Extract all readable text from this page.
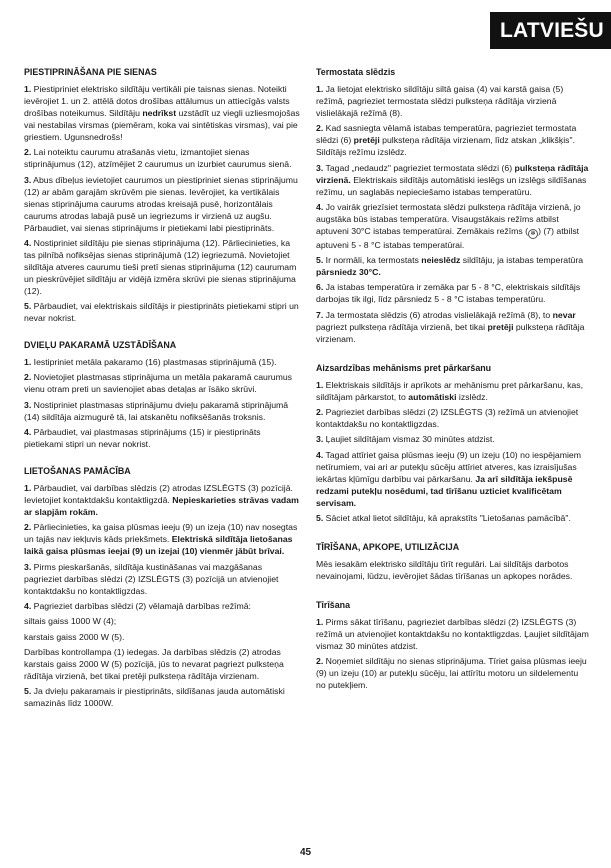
LATVIEŠU
PIESTIPRINĀŠANA PIE SIENAS

1. Piestipriniet elektrisko sildītāju vertikāli pie taisnas sienas. Noteikti ievērojiet 1. un 2. attēlā dotos drošības attālumus un attiecīgās valsts drošības noteikumus. Sildītāju nedrīkst uzstādīt uz viegli uzliesmojošas vai nestabilas virsmas (piemēram, koka vai sintētiskas virsmas), vai pie griestiem. Ugunsnedrošs!

2. Lai noteiktu caurumu atrašanās vietu, izmantojiet sienas stiprinājumus (12), atzīmējiet 2 caurumus un izurbiet caurumus sienā.

3. Abus dībeļus ievietojiet caurumos un piestipriniet sienas stiprinājumu (12) ar abām garajām skrūvēm pie sienas. Ievērojiet, ka vertikālais sienas stiprinājuma caurums atrodas kreisajā pusē, horizontālais caurums atrodas labajā pusē un iegriezums ir virzienā uz augšu. Pārbaudiet, vai sienas stiprinājums ir pietiekami labi piestiprināts.

4. Nostipriniet sildītāju pie sienas stiprinājuma (12). Pārliecinieties, ka tas pilnībā nofiksējas sienas stiprinājumā (12) iegriezumā. Novietojiet sildītāja atveres caurumu tieši pretī sienas stiprinājuma (12) caurumam un pieskrūvējiet sildītāju ar vidējā izmēra skrūvi pie sienas stiprinājuma (12).

5. Pārbaudiet, vai elektriskais sildītājs ir piestiprināts pietiekami stipri un nevar nokrist.

DVIEĻU PAKARAMĀ UZSTĀDĪŠANA

1. Iestipriniet metāla pakaramo (16) plastmasas stiprinājumā (15).

2. Novietojiet plastmasas stiprinājuma un metāla pakaramā caurumus vienu otram preti un savienojiet abas detaļas ar īsāko skrūvi.

3. Nostipriniet plastmasas stiprinājumu dvieļu pakaramā stiprinājumā (14) sildītāja aizmugurē tā, lai atskanētu nofiksēšanās troksnis.

4. Pārbaudiet, vai plastmasas stiprinājums (15) ir piestiprināts pietiekami stipri un nevar nokrist.

LIETOŠANAS PAMĀCĪBA

1. Pārbaudiet, vai darbības slēdzis (2) atrodas IZSLĒGTS (3) pozīcijā. Ievietojiet kontaktdakšu kontaktligzdā. Nepieskarieties strāvas vadam ar slapjām rokām.

2. Pārliecinieties, ka gaisa plūsmas ieeju (9) un izeja (10) nav nosegtas un tajās nav iekļuvis kāds priekšmets. Elektriskā sildītāja lietošanas laikā gaisa plūsmas ieejai (9) un izejai (10) vienmēr jābūt brīvai.

3. Pirms pieskaršanās, sildītāja kustināšanas vai mazgāšanas pagrieziet darbības slēdzi (2) IZSLĒGTS (3) pozīcijā un atvienojiet kontaktdakšu no kontaktligzdas.

4. Pagrieziet darbības slēdzi (2) vēlamajā darbības režīmā:

siltais gaiss 1000 W (4);

karstais gaiss 2000 W (5).

Darbības kontrollampa (1) iedegas. Ja darbības slēdzis (2) atrodas karstais gaiss 2000 W (5) pozīcijā, jūs to nevarat pagriezt pulksteņa rādītāja virzienā, bet tikai pretēji pulksteņa rādītāja virzienam.

5. Ja dvieļu pakaramais ir piestiprināts, sildīšanas jauda automātiski samazinās līdz 1000W.

Termostata slēdzis

1. Ja lietojat elektrisko sildītāju siltā gaisa (4) vai karstā gaisa (5) režīmā, pagrieziet termostata slēdzi pulksteņa rādītāja virzienā vislielākajā režīmā (8).

2. Kad sasniegta vēlamā istabas temperatūra, pagrieziet termostata slēdzi (6) pretēji pulksteņa rādītāja virzienam, līdz atskan „klikšķis". Sildītājs režīmu izslēdz.

3. Tagad „nedaudz" pagrieziet termostata slēdzi (6) pulksteņa rādītāja virzienā. Elektriskais sildītājs automātiski ieslēgs un izslēgs sildīšanas režīmu, un saglabās nepieciešamo istabas temperatūru.

4. Jo vairāk griezīsiet termostata slēdzi pulksteņa rādītāja virzienā, jo augstāka būs istabas temperatūra. Visaugstākais režīms atbilst aptuveni 30°C istabas temperatūrai. Zemākais režīms ( ✻ ) (7) atbilst aptuveni 5 - 8 °C istabas temperatūrai.

5. Ir normāli, ka termostats neieslēdz sildītāju, ja istabas temperatūra pārsniedz 30°C.

6. Ja istabas temperatūra ir zemāka par 5 - 8 °C, elektriskais sildītājs darbojas tik ilgi, līdz pārsniedz 5 - 8 °C istabas temperatūru.

7. Ja termostata slēdzis (6) atrodas vislielākajā režīmā (8), to nevar pagriezt pulksteņa rādītāja virzienā, bet tikai pretēji pulksteņa rādītāja virzienam.

Aizsardzības mehānisms pret pārkaršanu

1. Elektriskais sildītājs ir aprīkots ar mehānismu pret pārkaršanu, kas, sildītājam pārkarstot, to automātiski izslēdz.

2. Pagrieziet darbības slēdzi (2) IZSLĒGTS (3) režīmā un atvienojiet kontaktdakšu no kontaktligzdas.

3. Ļaujiet sildītājam vismaz 30 minūtes atdzist.

4. Tagad attīriet gaisa plūsmas ieeju (9) un izeju (10) no iespējamiem netīrumiem, vai ari ar putekļu sūcēju attīriet atveres, kas izraisījušas iekārtas kļūmīgu darbību vai pārkaršanu. Ja arī sildītāja iekšpusē redzami putekļu nosēdumi, tad tīrīšanu uzticiet kvalificētam servisam.

5. Sāciet atkal lietot sildītāju, kā aprakstīts "Lietošanas pamācībā".

TĪRĪŠANA, APKOPE, UTILIZĀCIJA

Mēs iesakām elektrisko sildītāju tīrīt regulāri. Lai sildītājs darbotos nevainojami, lūdzu, ievērojiet šādas tīrīšanas un apkopes norādes.

Tīrīšana

1. Pirms sākat tīrīšanu, pagrieziet darbības slēdzi (2) IZSLĒGTS (3) režīmā un atvienojiet kontaktdakšu no kontaktligzdas. Ļaujiet sildītājam vismaz 30 minūtes atdzist.

2. Noņemiet sildītāju no sienas stiprinājuma. Tīriet gaisa plūsmas ieeju (9) un izeju (10) ar putekļu sūcēju, lai attīrītu motoru un sildelementu no putekļiem.

45
